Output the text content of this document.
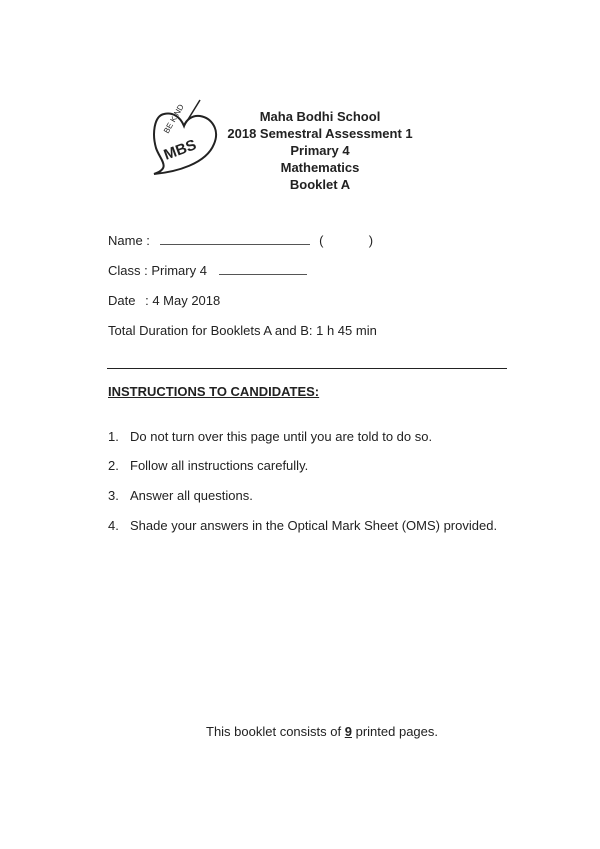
BE KIND
MBS
Maha Bodhi School
2018 Semestral Assessment 1
Primary 4
Mathematics
Booklet A
Name :	(	)
Class : Primary 4
Date : 4 May 2018
Total Duration for Booklets A and B: 1 h 45 min
INSTRUCTIONS TO CANDIDATES:
1. Do not turn over this page until you are told to do so.
2. Follow all instructions carefully.
3. Answer all questions.
4. Shade your answers in the Optical Mark Sheet (OMS) provided.
This booklet consists of 9 printed pages.
